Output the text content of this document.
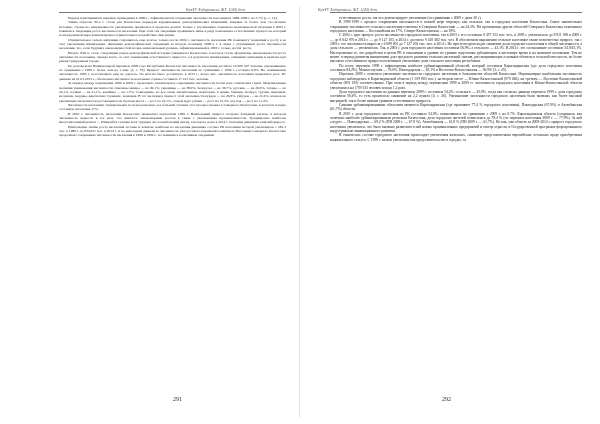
ҚазҰУ Хабаршысы. ЖГ. 1(40) бет.

Период наметившихся перемен, приведения в 1999 г., зафиксировался сохранение численности населения в 1989-1999 г. на 7,7% [1, с. 14].

Таким образом, 90-е г. стали для Казахстана периодом кардинальных демографических изменений, впервые за более, чем сто-летнюю историю, страна пе, непрерывность увеличения, прервалась в пределах десяти. Только с улучшением социально-экономической ситуации в 2002 г. появилась тенденция роста численности населения. При этом эти тенденции проявились лишь в ряду показанных естественных процессов, который в определенной мере компенсировал отрицательное воздействие эмиграции.

Отрицательное сальдо миграции сохранялось еще долгое, только после 2004 г. численность населения РК понемногу тенденция к росту в ее счет увеличения иммиграции. Динамика демографических тенденций за вторую половину 2000-х г. в связи с улучшением роста численности населения, что, если будущих закономерностей потерь национальный уровень, зафиксированный в 1993 г. только достиг роста.

Начало XXI в. стало следующим рядом демографической истории суверенного Казахстана, в которое стали оформлены закономерности роста численности населения, прежде всего, за счет повышения естественного прироста, а в результате иммиграции, снижения эмиграции и притока при реконструируемым городе.

По результатам Национальной переписи 2009 года Республики Казахстан численность населения достигла 16 009 597 человек, увеличившись по сравнению с 1999 г. более, чем на 1 млн. [2, с. 35]. Прирост численности населения по сравнению с 1999 г. составил 6,9%. Но, наименьшая численность 1993 г. восстановить еще не удалось. По итогам было достигнуто в 2013 г., когда чис- численность населения превысила рост. По данным на 01.01.2013 г., обеспечена численность населения страны составила 17 415 тыс. человек.

За период между переписями 1999 и 2009 г. произошло значительное сокращение численности почти всех этнических групп. Максимальные значения уменьшения численности отмечены немцы — на 49,1%, украинцы — на 38,9%, белорусы — на 36,7%, русские — на 26,6%, татары — на 24,1%, поляки — на 21,1%, корейцы — на 1,3%. Совпадение, по все очень значительные, некоторые, в армян, башкир, беларус, грузин, немецкой, молдаван, мордвы, киргизских турецких, чеченцев. В тот же период прирост этой численности курдов — на 26,8%, уйгуров — на 22,4%, казахов на увеличение численности растающихся на третьем месте — рост на 22,1%, следом идут узбеки — рост на 15,3%, азу-бая — рост на 11,4%.

Численность населения отрицательная по всем регионам, и в большей степени этот процесс вызвал в Северного Казахстана, в котором потерю составила население 17%.

В 2010 г. численность населения Казахстана превысила показатели 1999 г. Наибольший прирост получил Западный регион, в котором численность выросла в 2,2 раза, что являлось закономерным ростом в связи с увеличением промышленности. Традиционно наиболее многочисленный регион — Южный (в течение всех трудных лет и наибольший шаги), так как на долю в 2014 г. половина движения занятий прирост.

Наибольшие темпы роста населения Астаны и Алматы, наиболее из населения динамика состава РК населения которой увеличилась с 281,3 тыс. в 1999 г. до 834,621 тыс. в 2014 г. А по некоторым данным ее численность уже достигла и превысила миллион. Население Северного Казахстана продолжает сокращение численности населения в 1999 и 1999 г., но появились позитивные тенденции

291
ҚазҰУ Хабаршысы. ЖГ. 1(40) бет.

естественного роста, так что демонстрирует увеличение (по сравнению с 2009 г. даже 20 г).

В 1999-1999 г. процесс сокращения численности в полной мере затронул, как сельское, так и городское население Казахстана. Самое значительное сокращение численности сельского населения отмечено в Северном Казахстане — на 24,3%. На протяжении других областей Северного Казахстана показывало городского населения — Костанайская на 17%, Северо-Казахстанская — на 18%.

С 2002 г. идет процесс роста численности городского населения, так в 2003 г. его составило 8 457 152 тыс. чел., в 2005 г. увеличилось до 8 811 396 в 2009 г. — до 8 642 976 в 2014 г. — до 9 127 103, в 2014 г. достигло 9 410 482 тыс. чел. В абсолютном выражении сельское население также повсеместно прирост, так с 2003 г. его численность выросла с 6 699 001 до 7 127 202 тыс. чел. в 2014 г. Но при этом происходит снижение доли городского населения в общей численности, а доля сельского — увеличилась. Так, в 2003 г. доля городского населения составила 56,9%, а сельского — 43,1%. В 2014 г. это соотношение составило 54,9/45,1%. Настороженно то, что разработки в целом РК в отношении к уровню по уровню подготовки урбанизации, в настоящее время и на значимое положение. Тем не менее, в период развития инициативы для городского развития сельских населений, снизив, рассматривающих основные объекты в сельской местности, по более высокого естественного прироста позитивное увеличение доли сельского населения республики.

По итогу переписи 1999 г. зафиксирован наиболее урбанизированный областей, который составила Карагандинская (где доля городского населения составила 84,2%), Мангистауская — 78,6%, Павлодарская — 65,1% и Восточно-Казахстанская — 56,9% [3, с. 45].

Перепись 2009 г. отметила увеличение численности городского населения в большинстве областей Казахстана. Неравномерно наибольшая численность городских наблюдалась в Карагандинской области (1 019 883 тыс.), на втором месте — Южно-Казахстанской (970 046), на третьем — Восточно-Казахстанской области (691 183) соответственно. При этом в период между переписями 1999 и 2009 гг. численность городского населения в Южно-Казахстанской области увеличилась на (759 533 человек или на 1,2 раза.

Доля городского населения по данным переписи 2009 г. составила 54,2%, сельского — 45,8%, тогда как согласно данным переписи 1999 г. доля городских составила 56,4%, то есть произошло снижение на 2,2 пункта [4, с. 26]. Уменьшение численности городского населения было вызвано, как более высокой миграцией, так и более низким уровнем естественного прироста.

Самыми урбанизированными областями являются Карагандинская (где проживает 77,4 % городского населения), Павлодарская (67,9%) и Актюбинская (61,7%) области.

В 2010 г. доля городского населения по РК составила 54,9%, повысившись по сравнению с 2009 г. на 0,7%. Карагандинская область (сохранила, как отмечено наиболее урбанизированным регионом Казахстана, доля городских жителей повысилась до 78,4 % (по переписи населения 2009 г. — 77,9%). За ней следует — Павлодарская — 69,2 % (ПН 2009 г. — 67,9 %), Актюбинская — 61,8 % (ПН 2009 г. — 61,7%). Но как, уже область за 2009-2014 г. прирост городского населения увеличился, что было вызвано развитием в ней новых промышленных предприятий и сектор отрасли, в Государственной программе форсированного индустриально-инновационного развития.

В этнических составе городского населения происходит увеличения казахских, снижение представителями европейских эстонских вроде приобретения национального статуса. С 1999 г. казахи увеличили как представительство в городах, за

292
